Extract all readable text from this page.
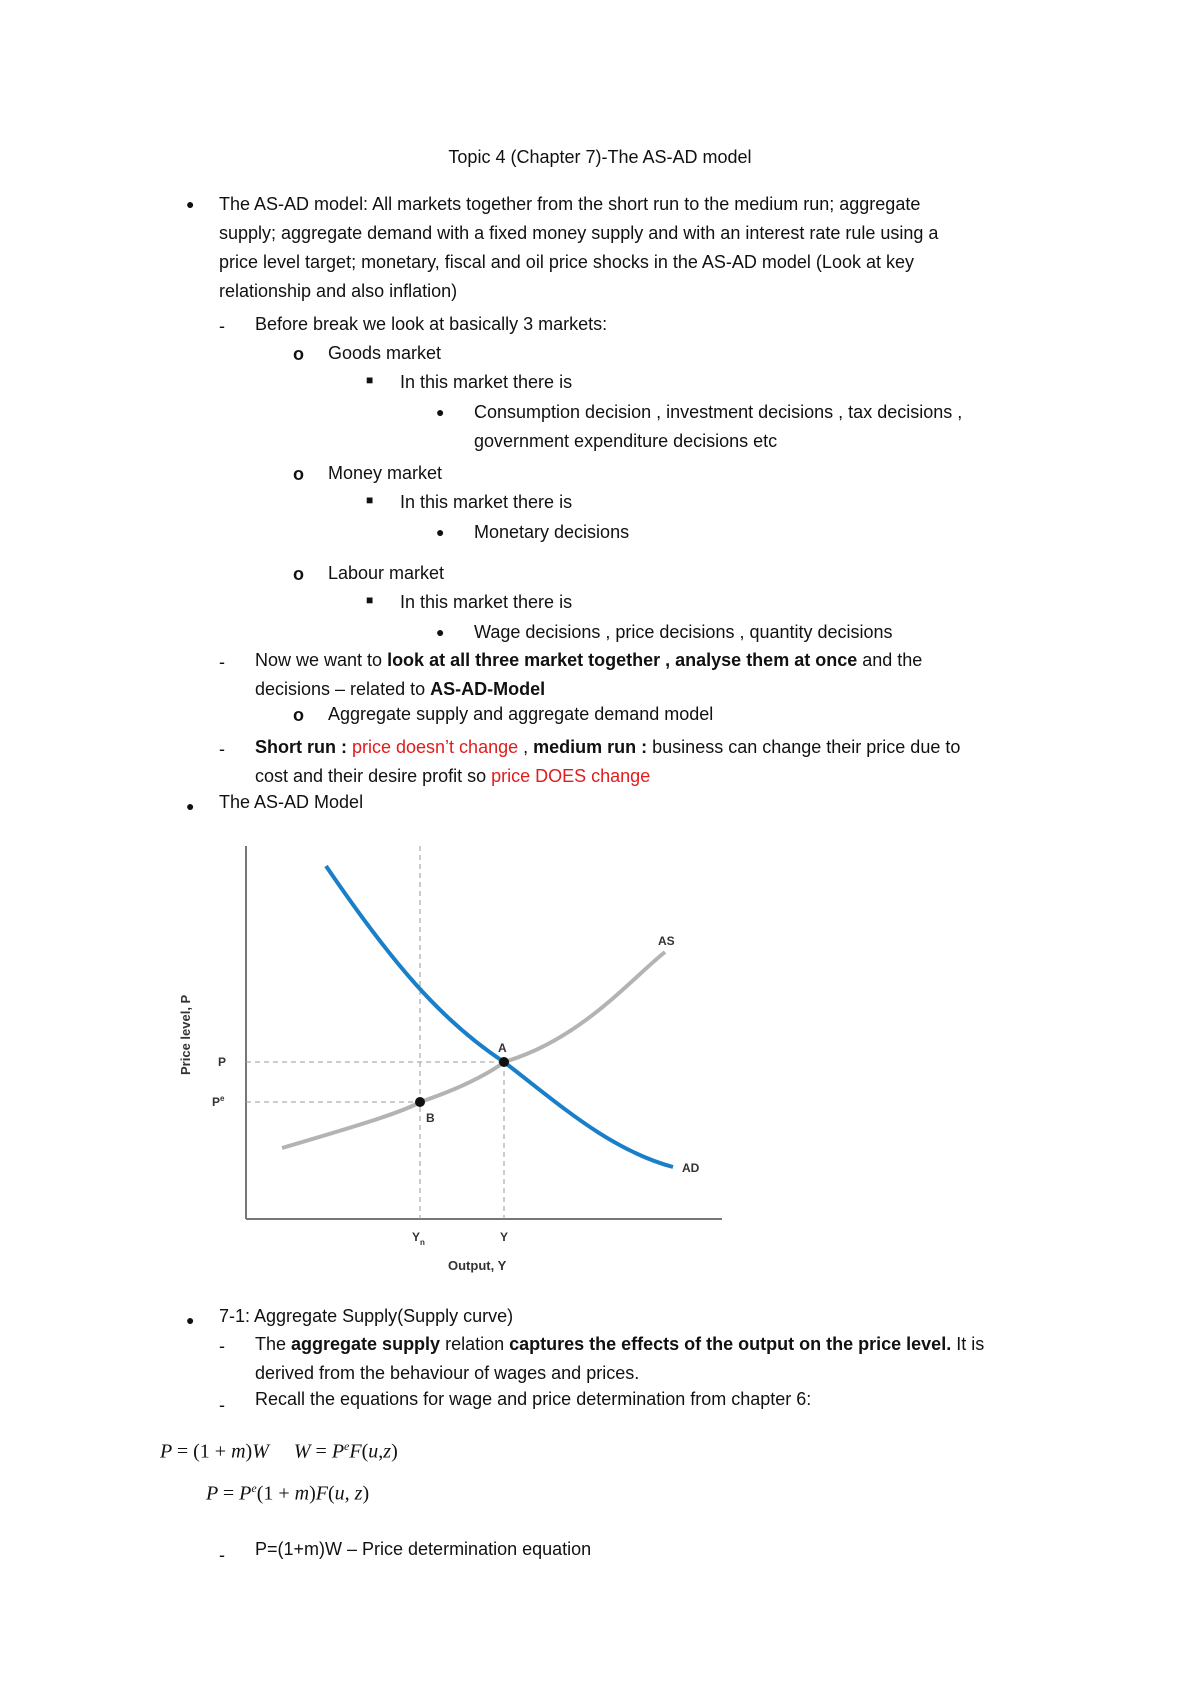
Topic 4 (Chapter 7)-The AS-AD model
● The AS-AD model: All markets together from the short run to the medium run; aggregate
supply; aggregate demand with a fixed money supply and with an interest rate rule using a
price level target; monetary, fiscal and oil price shocks in the AS-AD model (Look at key
relationship and also inflation)
- Before break we look at basically 3 markets:
o Goods market
■ In this market there is
● Consumption decision , investment decisions , tax decisions ,
government expenditure decisions etc
o Money market
■ In this market there is
● Monetary decisions
o Labour market
■ In this market there is
● Wage decisions , price decisions , quantity decisions
- Now we want to look at all three market together , analyse them at once and the
decisions – related to AS-AD-Model
o Aggregate supply and aggregate demand model
- Short run : price doesn’t change , medium run : business can change their price due to
cost and their desire profit so price DOES change
● The AS-AD Model
A
B
AS
AD
P
$P^e$
$Y_n$	Y
Output, Y
Price level, P
● 7-1: Aggregate Supply(Supply curve)
- The aggregate supply relation captures the effects of the output on the price level. It is
derived from the behaviour of wages and prices.
- Recall the equations for wage and price determination from chapter 6:
P = (1 + m)W     $W = P^eF(u,z)$
$P = P^e(1 + m)F(u$, z)
- P=(1+m)W – Price determination equation
